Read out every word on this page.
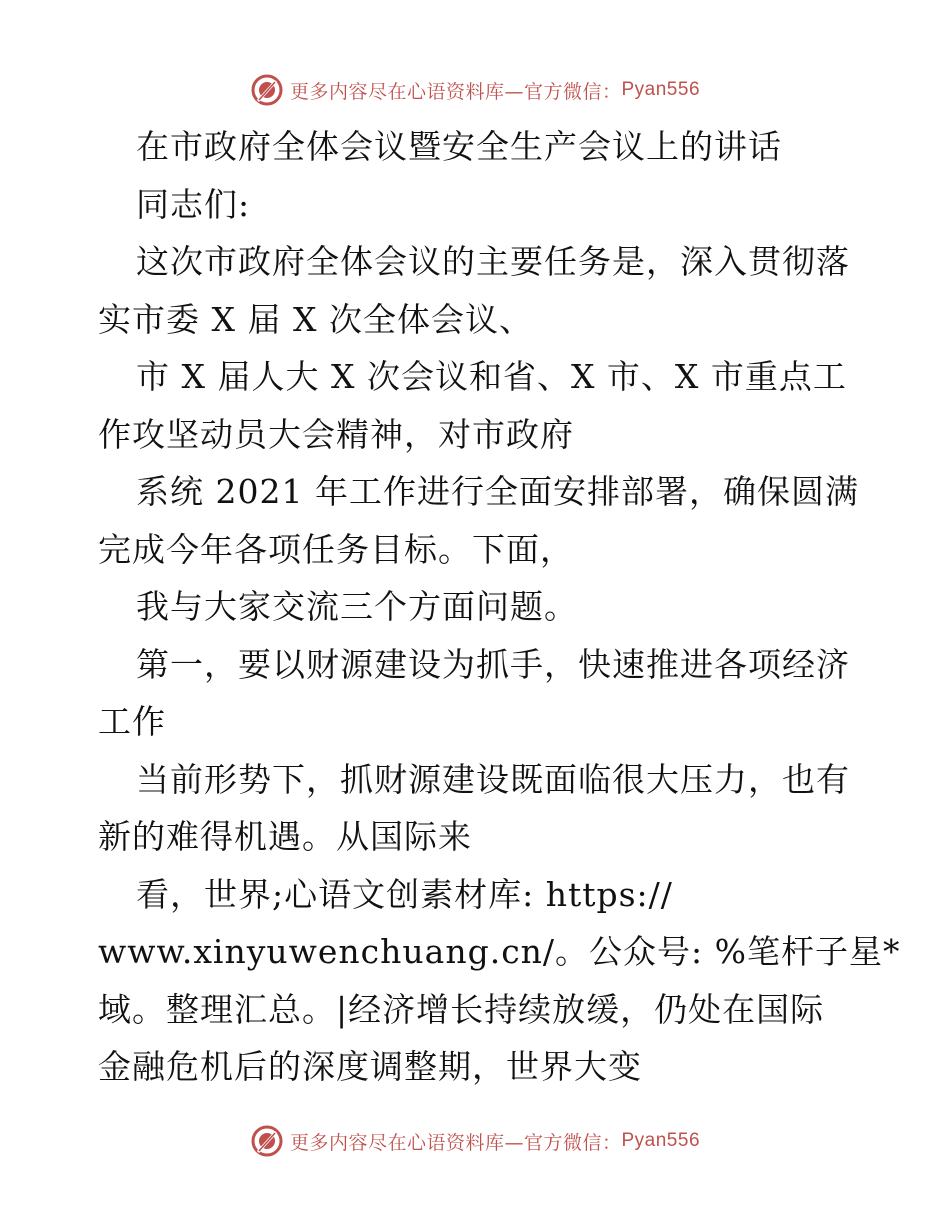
更多内容尽在心语资料库—官方微信： Pyan556
在市政府全体会议暨安全生产会议上的讲话
同志们:
这次市政府全体会议的主要任务是，深入贯彻落
实市委 X 届 X 次全体会议、
市 X 届人大 X 次会议和省、X 市、X 市重点工
作攻坚动员大会精神，对市政府
系统 2021 年工作进行全面安排部署，确保圆满
完成今年各项任务目标。下面，
我与大家交流三个方面问题。
第一，要以财源建设为抓手，快速推进各项经济
工作
当前形势下，抓财源建设既面临很大压力，也有
新的难得机遇。从国际来
看，世界;心语文创素材库: https://
www.xinyuwenchuang.cn/。公众号: %笔杆子星*
域。整理汇总。|经济增长持续放缓，仍处在国际
金融危机后的深度调整期，世界大变
更多内容尽在心语资料库—官方微信： Pyan556
